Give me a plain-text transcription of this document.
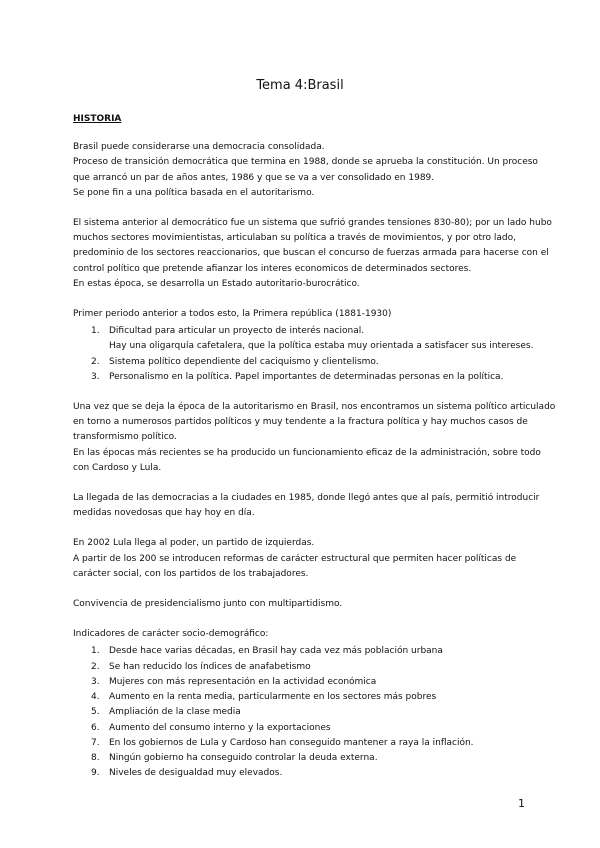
Tema 4:Brasil
HISTORIA
Brasil puede considerarse una democracia consolidada.
Proceso de transición democrática que termina en 1988, donde se aprueba la constitución. Un proceso
que arrancó un par de años antes, 1986 y que se va a ver consolidado en 1989.
Se pone fin a una política basada en el autoritarismo.
El sistema anterior al democrático fue un sistema que sufrió grandes tensiones 830-80); por un lado hubo
muchos sectores movimientistas, articulaban su política a través de movimientos, y por otro lado,
predominio de los sectores reaccionarios, que buscan el concurso de fuerzas armada para hacerse con el
control político que pretende afianzar los interes economicos de determinados sectores.
En estas época, se desarrolla un Estado autoritario-burocrático.
Primer periodo anterior a todos esto, la Primera república (1881-1930)
1. Dificultad para articular un proyecto de interés nacional.
Hay una oligarquía cafetalera, que la política estaba muy orientada a satisfacer sus intereses.
2. Sistema político dependiente del caciquismo y clientelismo.
3. Personalismo en la política. Papel importantes de determinadas personas en la política.
Una vez que se deja la época de la autoritarismo en Brasil, nos encontramos un sistema político articulado
en torno a numerosos partidos políticos y muy tendente a la fractura política y hay muchos casos de
transformismo político.
En las épocas más recientes se ha producido un funcionamiento eficaz de la administración, sobre todo
con Cardoso y Lula.
La llegada de las democracias a la ciudades en 1985, donde llegó antes que al país, permitió introducir
medidas novedosas que hay hoy en día.
En 2002 Lula llega al poder, un partido de izquierdas.
A partir de los 200 se introducen reformas de carácter estructural que permiten hacer políticas de
carácter social, con los partidos de los trabajadores.
Convivencia de presidencialismo junto con multipartidismo.
Indicadores de carácter socio-demográfico:
1. Desde hace varias décadas, en Brasil hay cada vez más población urbana
2. Se han reducido los índices de anafabetismo
3. Mujeres con más representación en la actividad económica
4. Aumento en la renta media, particularmente en los sectores más pobres
5. Ampliación de la clase media
6. Aumento del consumo interno y la exportaciones
7. En los gobiernos de Lula y Cardoso han conseguido mantener a raya la inflación.
8. Ningún gobierno ha conseguido controlar la deuda externa.
9. Niveles de desigualdad muy elevados.
1
